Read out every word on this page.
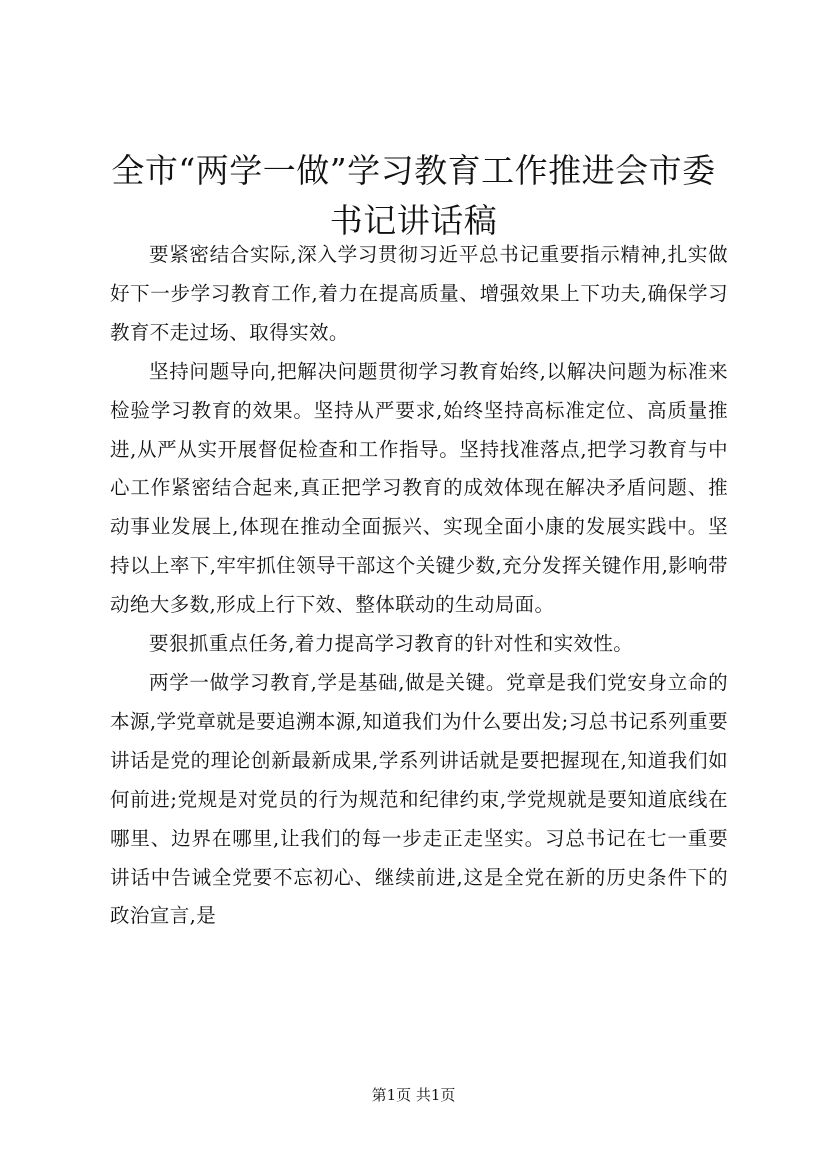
全市“两学一做”学习教育工作推进会市委书记讲话稿

要紧密结合实际,深入学习贯彻习近平总书记重要指示精神,扎实做好下一步学习教育工作,着力在提高质量、增强效果上下功夫,确保学习教育不走过场、取得实效。

坚持问题导向,把解决问题贯彻学习教育始终,以解决问题为标准来检验学习教育的效果。坚持从严要求,始终坚持高标准定位、高质量推进,从严从实开展督促检查和工作指导。坚持找准落点,把学习教育与中心工作紧密结合起来,真正把学习教育的成效体现在解决矛盾问题、推动事业发展上,体现在推动全面振兴、实现全面小康的发展实践中。坚持以上率下,牢牢抓住领导干部这个关键少数,充分发挥关键作用,影响带动绝大多数,形成上行下效、整体联动的生动局面。

要狠抓重点任务,着力提高学习教育的针对性和实效性。

两学一做学习教育,学是基础,做是关键。党章是我们党安身立命的本源,学党章就是要追溯本源,知道我们为什么要出发;习总书记系列重要讲话是党的理论创新最新成果,学系列讲话就是要把握现在,知道我们如何前进;党规是对党员的行为规范和纪律约束,学党规就是要知道底线在哪里、边界在哪里,让我们的每一步走正走坚实。习总书记在七一重要讲话中告诫全党要不忘初心、继续前进,这是全党在新的历史条件下的政治宣言,是

第1页 共1页
